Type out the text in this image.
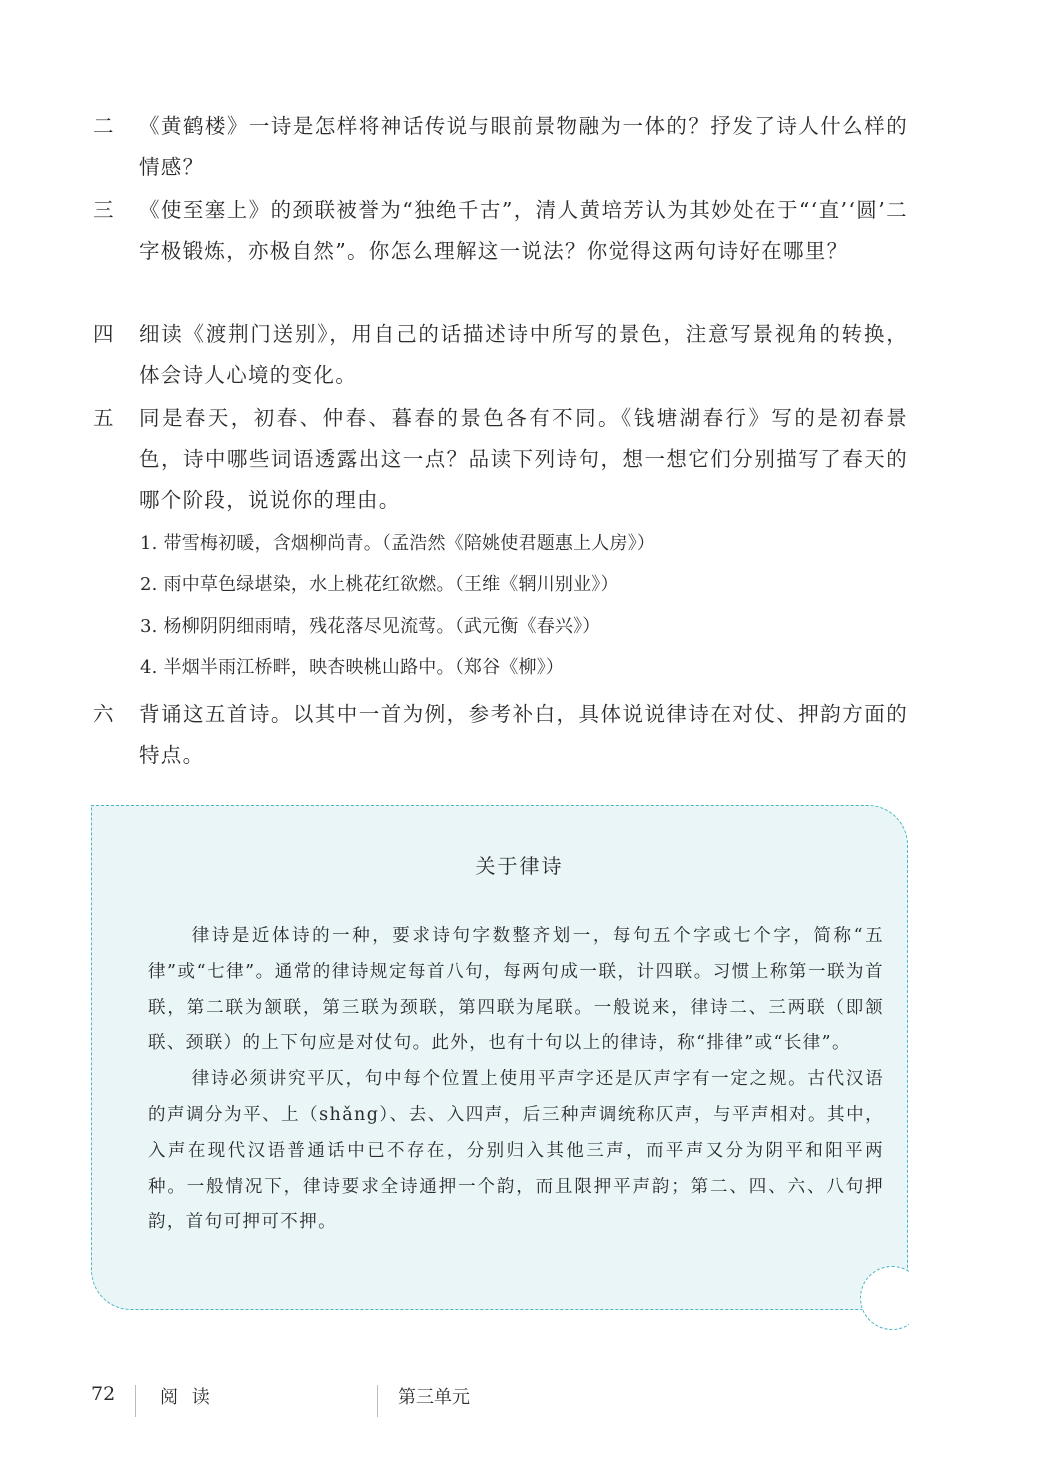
二 《黄鹤楼》一诗是怎样将神话传说与眼前景物融为一体的？抒发了诗人什么样的情感？
三 《使至塞上》的颈联被誉为“独绝千古”，清人黄培芳认为其妙处在于“‘直’‘圆’二字极锻炼，亦极自然”。你怎么理解这一说法？你觉得这两句诗好在哪里？
四 细读《渡荆门送别》，用自己的话描述诗中所写的景色，注意写景视角的转换，体会诗人心境的变化。
五 同是春天，初春、仲春、暮春的景色各有不同。《钱塘湖春行》写的是初春景色，诗中哪些词语透露出这一点？品读下列诗句，想一想它们分别描写了春天的哪个阶段，说说你的理由。
1. 带雪梅初暖，含烟柳尚青。（孟浩然《陪姚使君题惠上人房》）
2. 雨中草色绿堪染，水上桃花红欲燃。（王维《辋川别业》）
3. 杨柳阴阴细雨晴，残花落尽见流莺。（武元衡《春兴》）
4. 半烟半雨江桥畔，映杏映桃山路中。（郑谷《柳》）
六 背诵这五首诗。以其中一首为例，参考补白，具体说说律诗在对仗、押韵方面的特点。
关于律诗

律诗是近体诗的一种，要求诗句字数整齐划一，每句五个字或七个字，简称“五律”或“七律”。通常的律诗规定每首八句，每两句成一联，计四联。习惯上称第一联为首联，第二联为颔联，第三联为颈联，第四联为尾联。一般说来，律诗二、三两联（即颔联、颈联）的上下句应是对仗句。此外，也有十句以上的律诗，称“排律”或“长律”。

律诗必须讲究平仄，句中每个位置上使用平声字还是仄声字有一定之规。古代汉语的声调分为平、上（shǎng）、去、入四声，后三种声调统称仄声，与平声相对。其中，入声在现代汉语普通话中已不存在，分别归入其他三声，而平声又分为阴平和阳平两种。一般情况下，律诗要求全诗通押一个韵，而且限押平声韵；第二、四、六、八句押韵，首句可押可不押。

72 阅 读	第三单元
